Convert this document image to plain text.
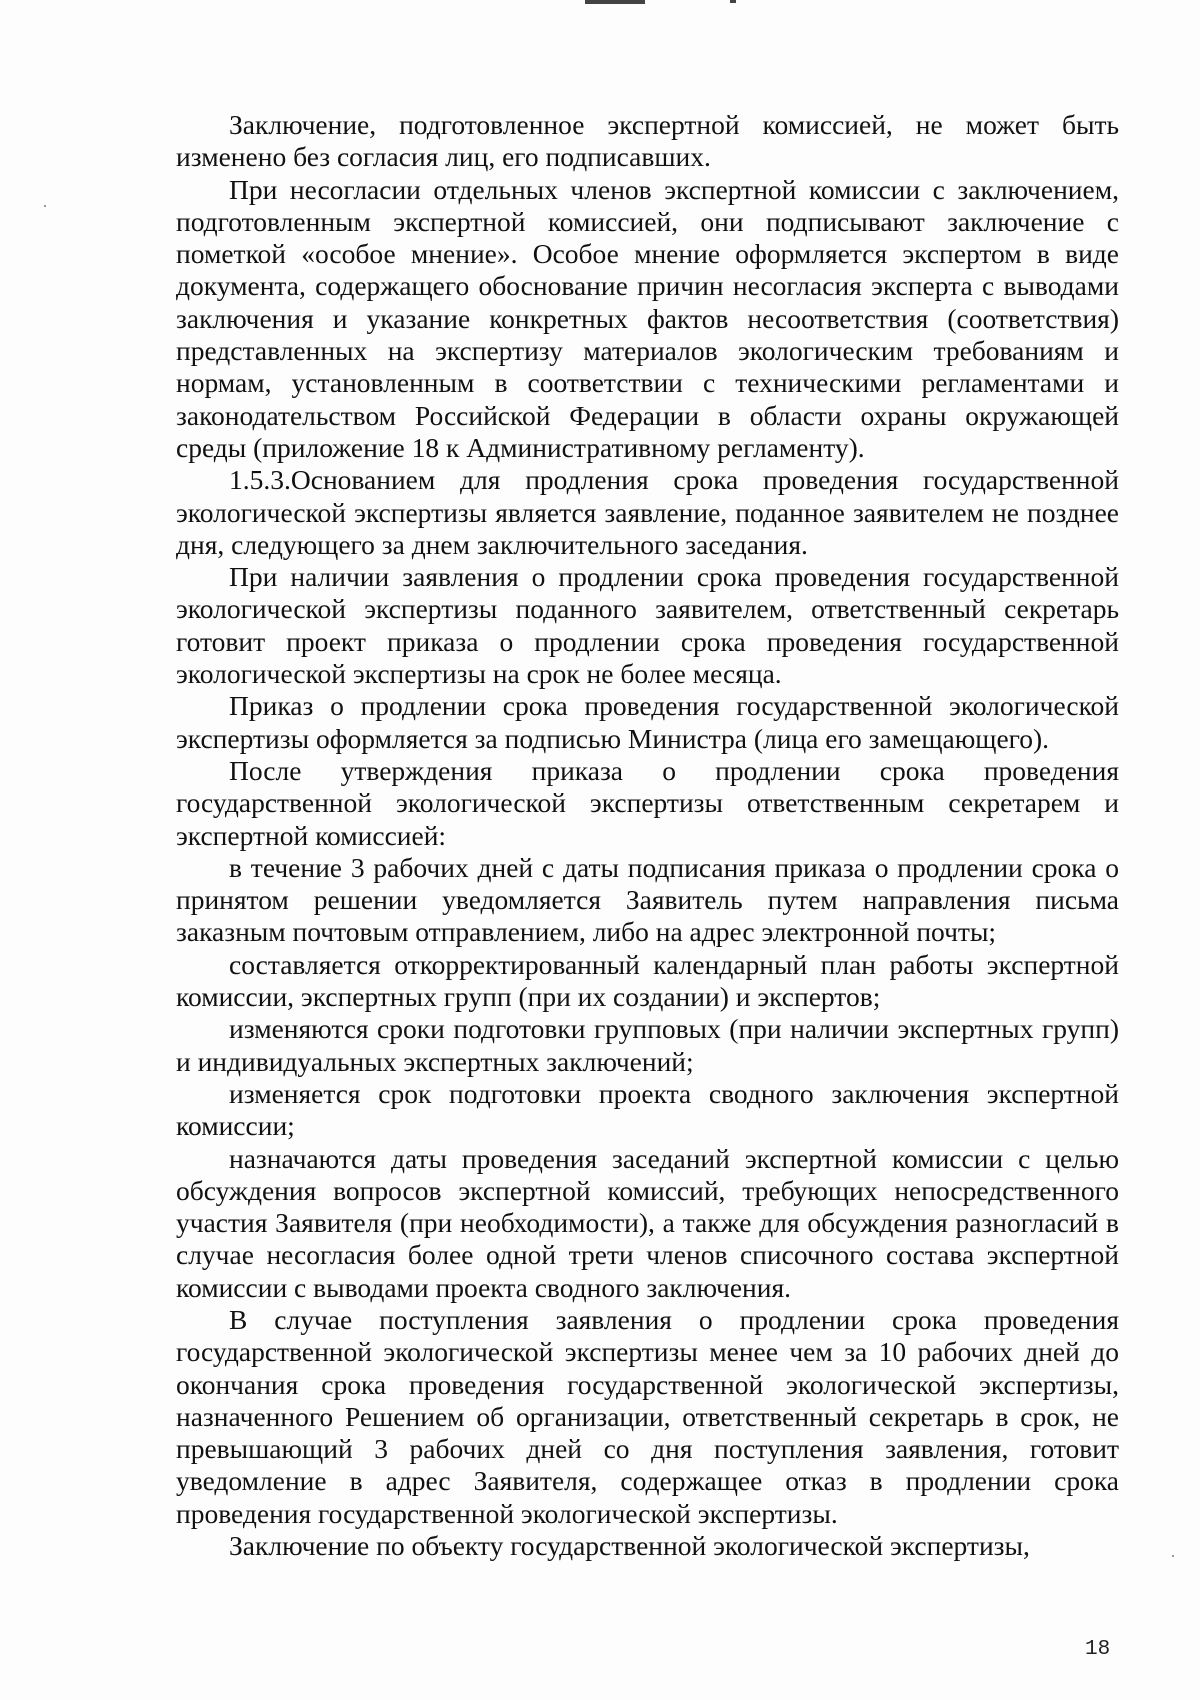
Заключение, подготовленное экспертной комиссией, не может быть изменено без согласия лиц, его подписавших.

При несогласии отдельных членов экспертной комиссии с заключением, подготовленным экспертной комиссией, они подписывают заключение с пометкой «особое мнение». Особое мнение оформляется экспертом в виде документа, содержащего обоснование причин несогласия эксперта с выводами заключения и указание конкретных фактов несоответствия (соответствия) представленных на экспертизу материалов экологическим требованиям и нормам, установленным в соответствии с техническими регламентами и законодательством Российской Федерации в области охраны окружающей среды (приложение 18 к Административному регламенту).

1.5.3.Основанием для продления срока проведения государственной экологической экспертизы является заявление, поданное заявителем не позднее дня, следующего за днем заключительного заседания.

При наличии заявления о продлении срока проведения государственной экологической экспертизы поданного заявителем, ответственный секретарь готовит проект приказа о продлении срока проведения государственной экологической экспертизы на срок не более месяца.

Приказ о продлении срока проведения государственной экологической экспертизы оформляется за подписью Министра (лица его замещающего).

После утверждения приказа о продлении срока проведения государственной экологической экспертизы ответственным секретарем и экспертной комиссией:

в течение 3 рабочих дней с даты подписания приказа о продлении срока о принятом решении уведомляется Заявитель путем направления письма заказным почтовым отправлением, либо на адрес электронной почты;

составляется откорректированный календарный план работы экспертной комиссии, экспертных групп (при их создании) и экспертов;

изменяются сроки подготовки групповых (при наличии экспертных групп) и индивидуальных экспертных заключений;

изменяется срок подготовки проекта сводного заключения экспертной комиссии;

назначаются даты проведения заседаний экспертной комиссии с целью обсуждения вопросов экспертной комиссий, требующих непосредственного участия Заявителя (при необходимости), а также для обсуждения разногласий в случае несогласия более одной трети членов списочного состава экспертной комиссии с выводами проекта сводного заключения.

В случае поступления заявления о продлении срока проведения государственной экологической экспертизы менее чем за 10 рабочих дней до окончания срока проведения государственной экологической экспертизы, назначенного Решением об организации, ответственный секретарь в срок, не превышающий 3 рабочих дней со дня поступления заявления, готовит уведомление в адрес Заявителя, содержащее отказ в продлении срока проведения государственной экологической экспертизы.

Заключение по объекту государственной экологической экспертизы,

18
